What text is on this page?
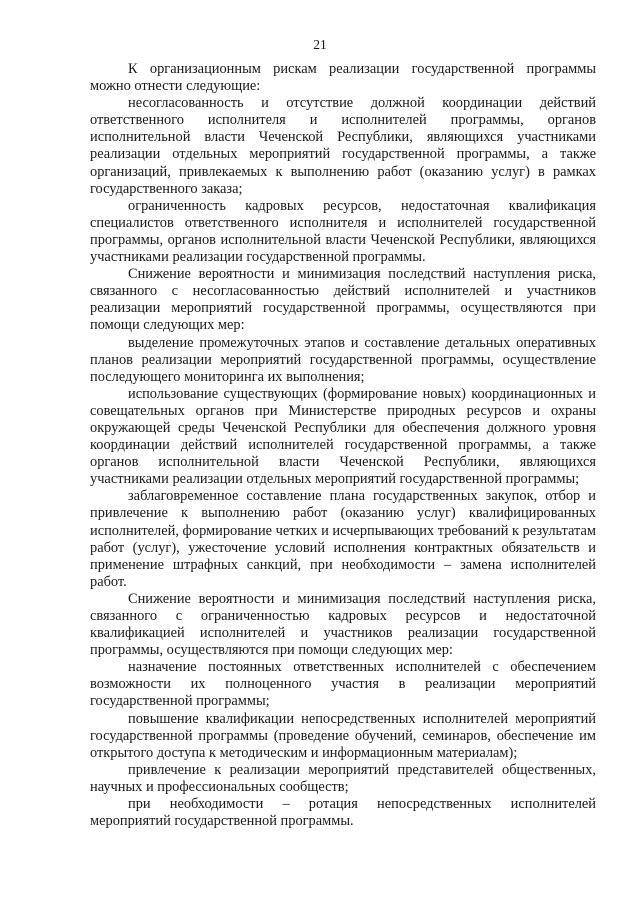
21

К организационным рискам реализации государственной программы можно отнести следующие:

несогласованность и отсутствие должной координации действий ответственного исполнителя и исполнителей программы, органов исполнительной власти Чеченской Республики, являющихся участниками реализации отдельных мероприятий государственной программы, а также организаций, привлекаемых к выполнению работ (оказанию услуг) в рамках государственного заказа;

ограниченность кадровых ресурсов, недостаточная квалификация специалистов ответственного исполнителя и исполнителей государственной программы, органов исполнительной власти Чеченской Республики, являющихся участниками реализации государственной программы.

Снижение вероятности и минимизация последствий наступления риска, связанного с несогласованностью действий исполнителей и участников реализации мероприятий государственной программы, осуществляются при помощи следующих мер:

выделение промежуточных этапов и составление детальных оперативных планов реализации мероприятий государственной программы, осуществление последующего мониторинга их выполнения;

использование существующих (формирование новых) координационных и совещательных органов при Министерстве природных ресурсов и охраны окружающей среды Чеченской Республики для обеспечения должного уровня координации действий исполнителей государственной программы, а также органов исполнительной власти Чеченской Республики, являющихся участниками реализации отдельных мероприятий государственной программы;

заблаговременное составление плана государственных закупок, отбор и привлечение к выполнению работ (оказанию услуг) квалифицированных исполнителей, формирование четких и исчерпывающих требований к результатам работ (услуг), ужесточение условий исполнения контрактных обязательств и применение штрафных санкций, при необходимости – замена исполнителей работ.

Снижение вероятности и минимизация последствий наступления риска, связанного с ограниченностью кадровых ресурсов и недостаточной квалификацией исполнителей и участников реализации государственной программы, осуществляются при помощи следующих мер:

назначение постоянных ответственных исполнителей с обеспечением возможности их полноценного участия в реализации мероприятий государственной программы;

повышение квалификации непосредственных исполнителей мероприятий государственной программы (проведение обучений, семинаров, обеспечение им открытого доступа к методическим и информационным материалам);

привлечение к реализации мероприятий представителей общественных, научных и профессиональных сообществ;

при необходимости – ротация непосредственных исполнителей мероприятий государственной программы.
